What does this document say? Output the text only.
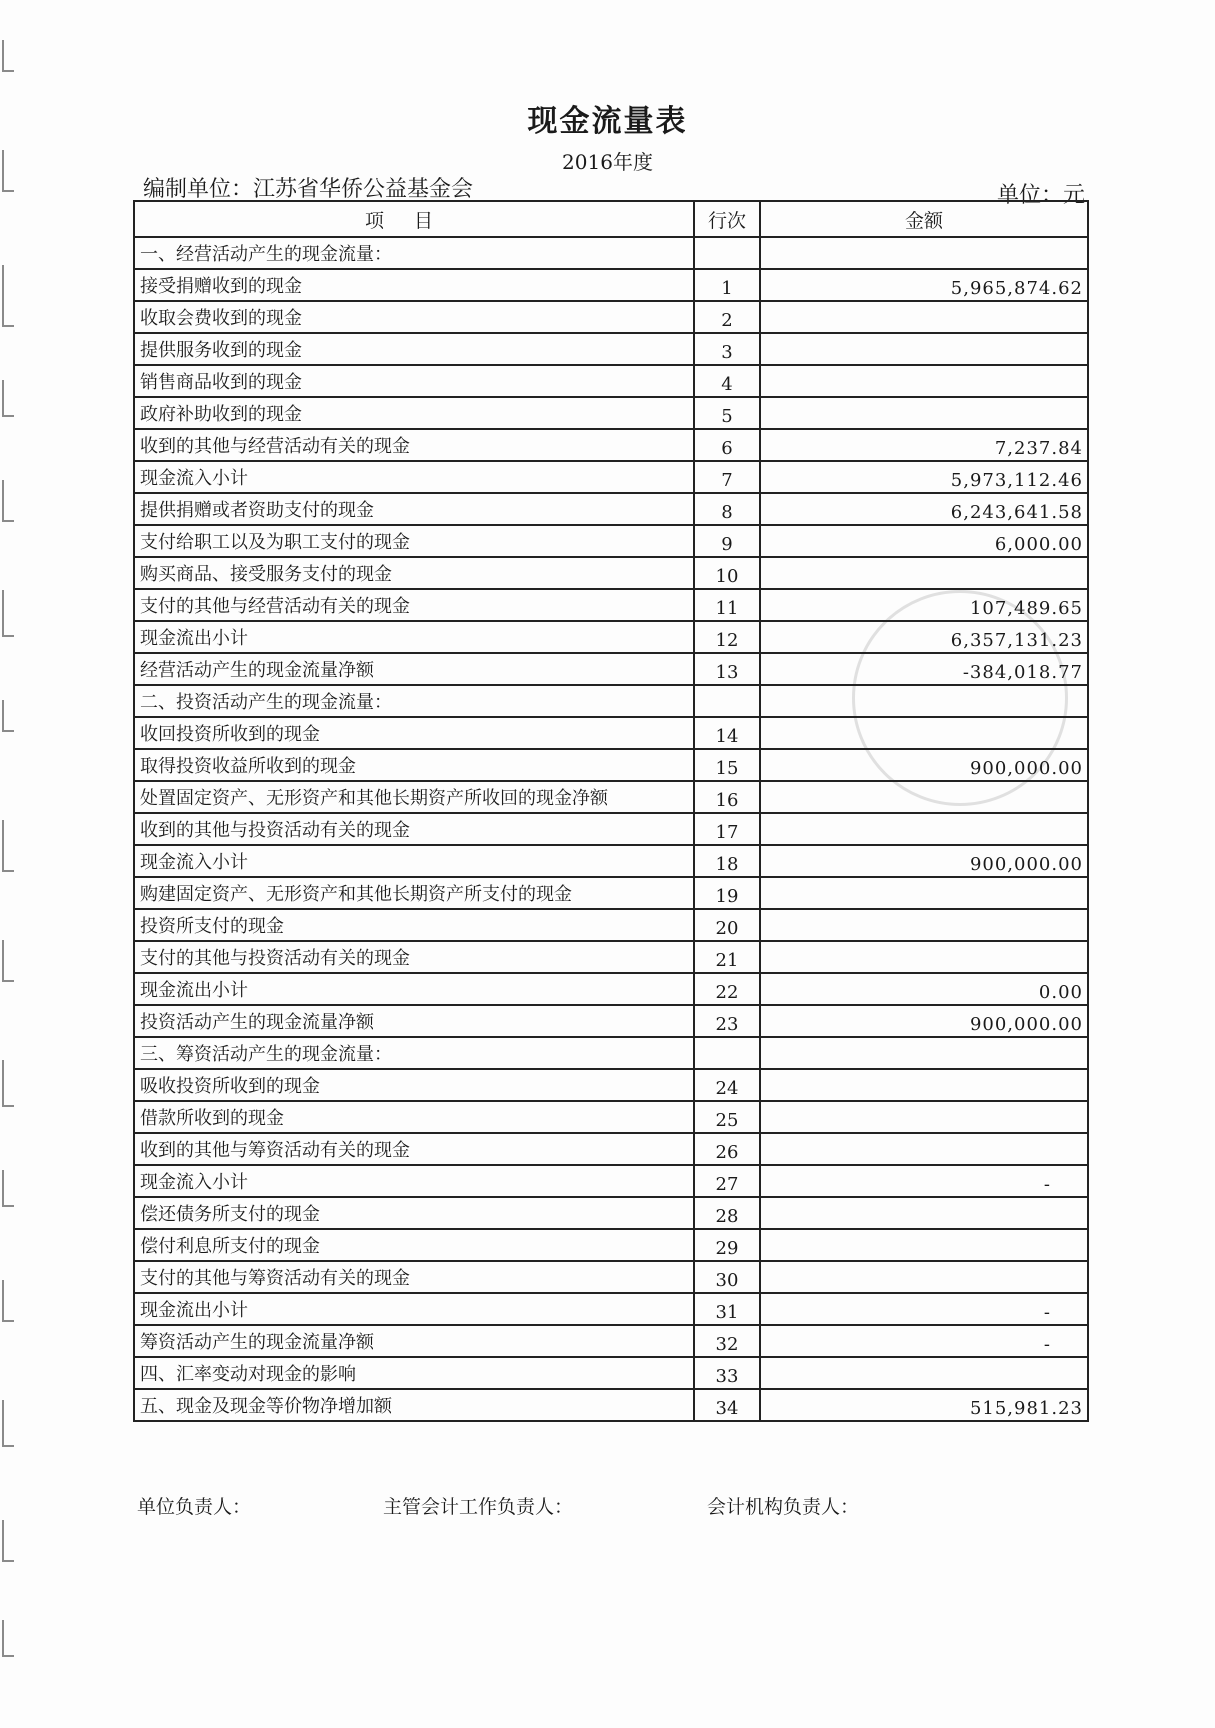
现金流量表
2016年度
编制单位：江苏省华侨公益基金会	单位：元
项目	行次	金额
一、经营活动产生的现金流量：		
接受捐赠收到的现金	1	5,965,874.62
收取会费收到的现金	2	
提供服务收到的现金	3	
销售商品收到的现金	4	
政府补助收到的现金	5	
收到的其他与经营活动有关的现金	6	7,237.84
现金流入小计	7	5,973,112.46
提供捐赠或者资助支付的现金	8	6,243,641.58
支付给职工以及为职工支付的现金	9	6,000.00
购买商品、接受服务支付的现金	10	
支付的其他与经营活动有关的现金	11	107,489.65
现金流出小计	12	6,357,131.23
经营活动产生的现金流量净额	13	-384,018.77
二、投资活动产生的现金流量：		
收回投资所收到的现金	14	
取得投资收益所收到的现金	15	900,000.00
处置固定资产、无形资产和其他长期资产所收回的现金净额	16	
收到的其他与投资活动有关的现金	17	
现金流入小计	18	900,000.00
购建固定资产、无形资产和其他长期资产所支付的现金	19	
投资所支付的现金	20	
支付的其他与投资活动有关的现金	21	
现金流出小计	22	0.00
投资活动产生的现金流量净额	23	900,000.00
三、筹资活动产生的现金流量：		
吸收投资所收到的现金	24	
借款所收到的现金	25	
收到的其他与筹资活动有关的现金	26	
现金流入小计	27	-
偿还债务所支付的现金	28	
偿付利息所支付的现金	29	
支付的其他与筹资活动有关的现金	30	
现金流出小计	31	-
筹资活动产生的现金流量净额	32	-
四、汇率变动对现金的影响	33	
五、现金及现金等价物净增加额	34	515,981.23
单位负责人：	主管会计工作负责人：	会计机构负责人：
